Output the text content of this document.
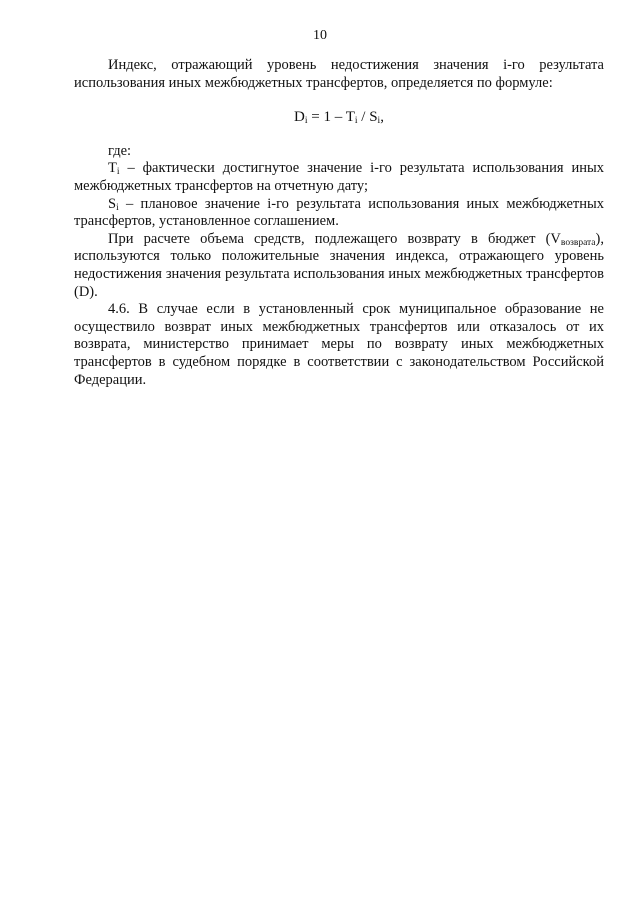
10

Индекс, отражающий уровень недостижения значения i-го результата использования иных межбюджетных трансфертов, определяется по формуле:

$D_i = 1 - T_i / S_i$,

где:

$T_i$ – фактически достигнутое значение i-го результата использования иных межбюджетных трансфертов на отчетную дату;

$S_i$ – плановое значение i-го результата использования иных межбюджетных трансфертов, установленное соглашением.

При расчете объема средств, подлежащего возврату в бюджет $(V_{возврата})$, используются только положительные значения индекса, отражающего уровень недостижения значения результата использования иных межбюджетных трансфертов (D).

4.6. В случае если в установленный срок муниципальное образование не осуществило возврат иных межбюджетных трансфертов или отказалось от их возврата, министерство принимает меры по возврату иных межбюджетных трансфертов в судебном порядке в соответствии с законодательством Российской Федерации.
